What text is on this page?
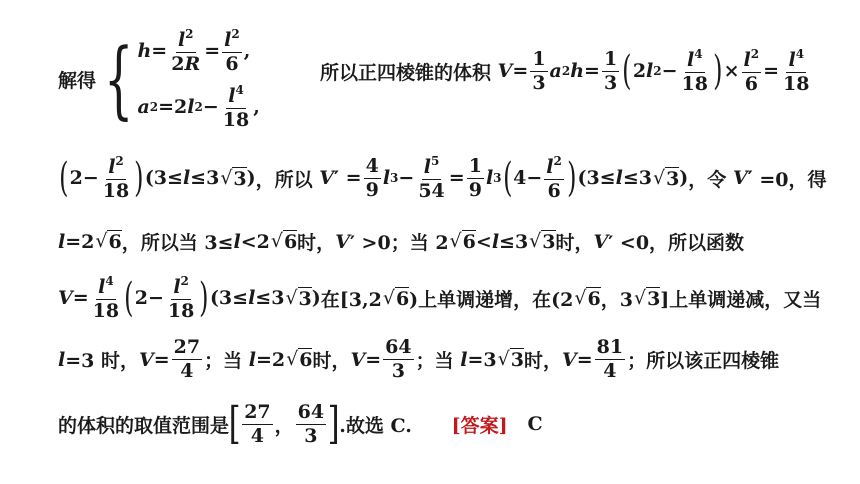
解得 { $h = \frac{l^2}{2R} = \frac{l^2}{6}$ ,
a 2 =2 l $2 - \frac{l^4}{18}$ ,
所以正四棱锥的体积
$V = \frac{1}{3}$ a 2 $h = \frac{1}{3}$ ( 2 l $2 - \frac{l^4}{18}$ ) × $\frac{l^2}{6} = \frac{l^4}{18}$
( $2- \frac{l^2}{18}$ ) (3≤ l ≤3 √ 3 ) ，所以
V ′ = $\frac{4}{9}$ l $3 - \frac{l^5}{54} = \frac{1}{9}$ l 3 ( $4- \frac{l^2}{6}$ ) (3≤ l ≤3 √ 3 ) ，令
V ′ =0，得
l =2 √ 6 ，所以当 3≤ l <2 √ 6 时， V ′ >0；当 2 √ 6 < l ≤3 √ 3 时， V ′ <0，所以函数
$V = \frac{l^4}{18}$ ( $2- \frac{l^2}{18}$ ) (3≤ l ≤3 √ 3 ) 在[3,2 √ 6 )上单调递增，在(2 √ 6 ，3 √ 3 ]上单调递减，又当
l =3 时， $V = \frac{27}{4}$ ；当
l =2 √ 6 时， $V = \frac{64}{3}$ ；当
l =3 √ 3 时， $V = \frac{81}{4}$ ；所以该正四棱锥
的体积的取值范围是 [ $\frac{27}{4}$ ， $\frac{64}{3}$ ] .故选 C.
[答案]
C
